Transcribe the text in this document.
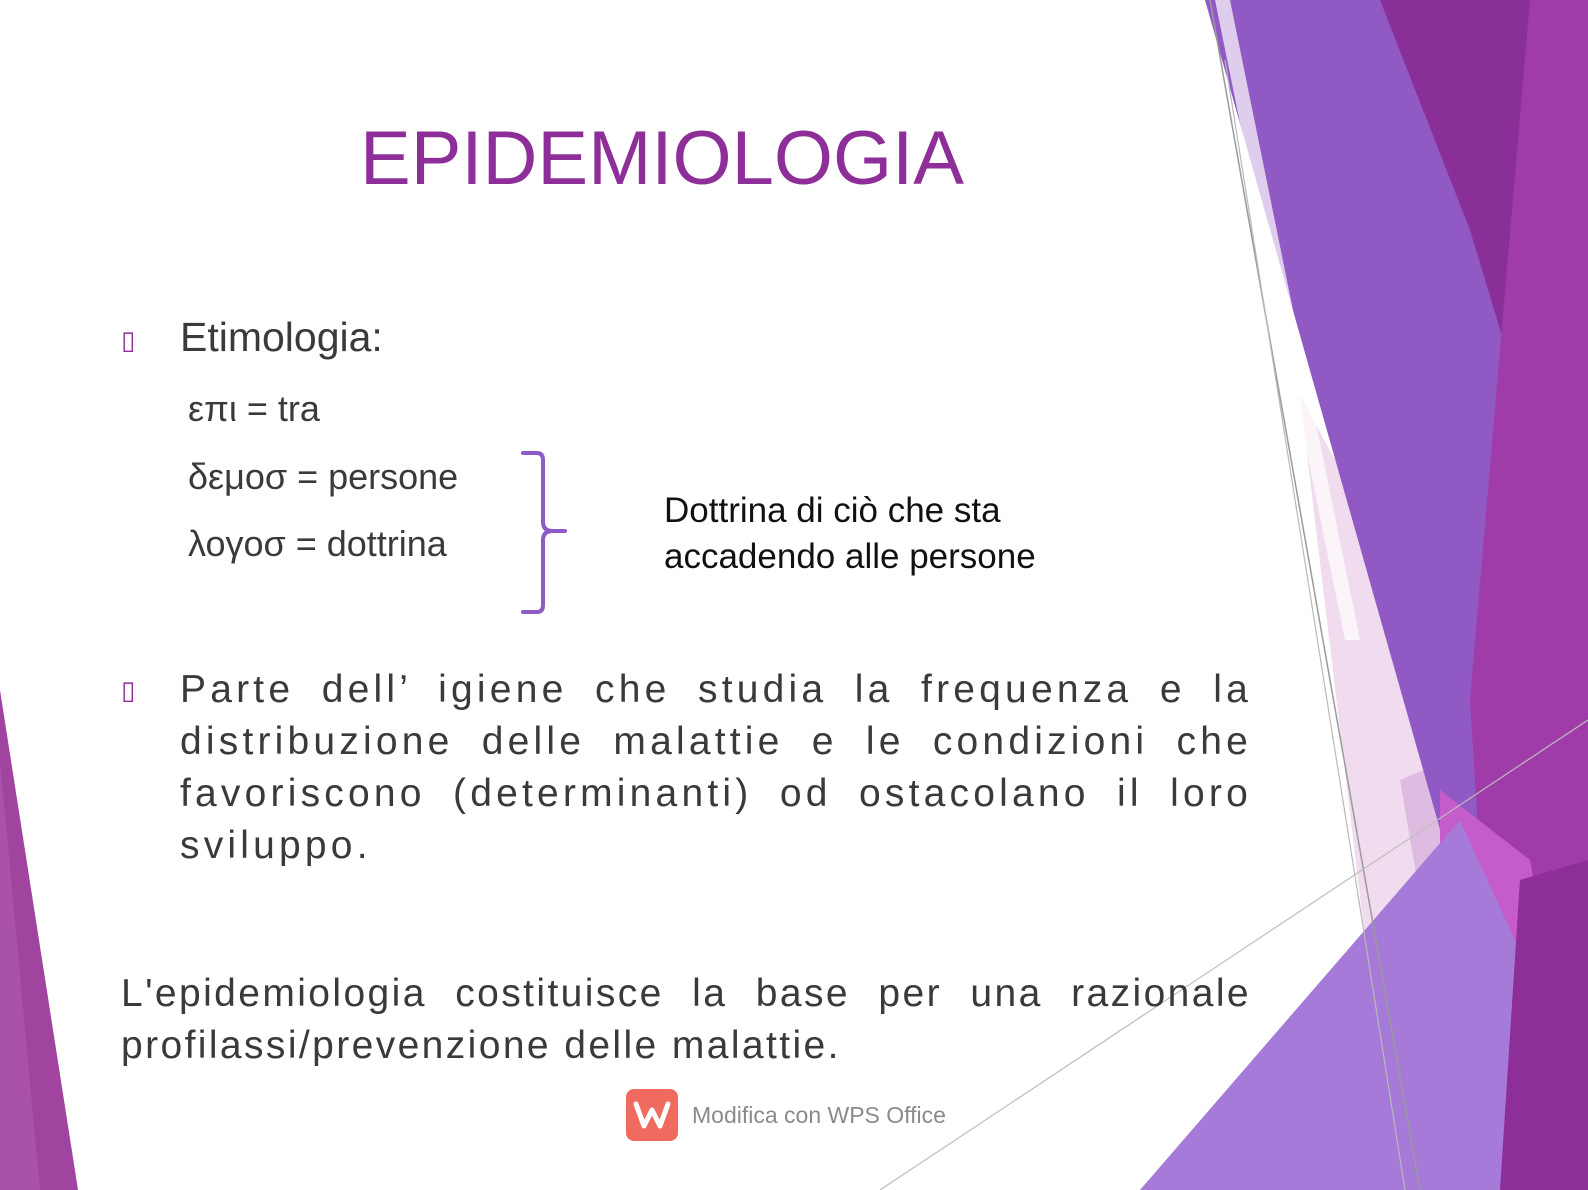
EPIDEMIOLOGIA
▯ Etimologia:
επι = tra
δεμοσ = persone
λογοσ = dottrina
Dottrina di ciò che sta
accadendo alle persone
▯ Parte dell’ igiene che studia la frequenza e la distribuzione delle malattie e le condizioni che favoriscono (determinanti) od ostacolano il loro sviluppo.
L'epidemiologia costituisce la base per una razionale profilassi/prevenzione delle malattie.
Modifica con WPS Office
